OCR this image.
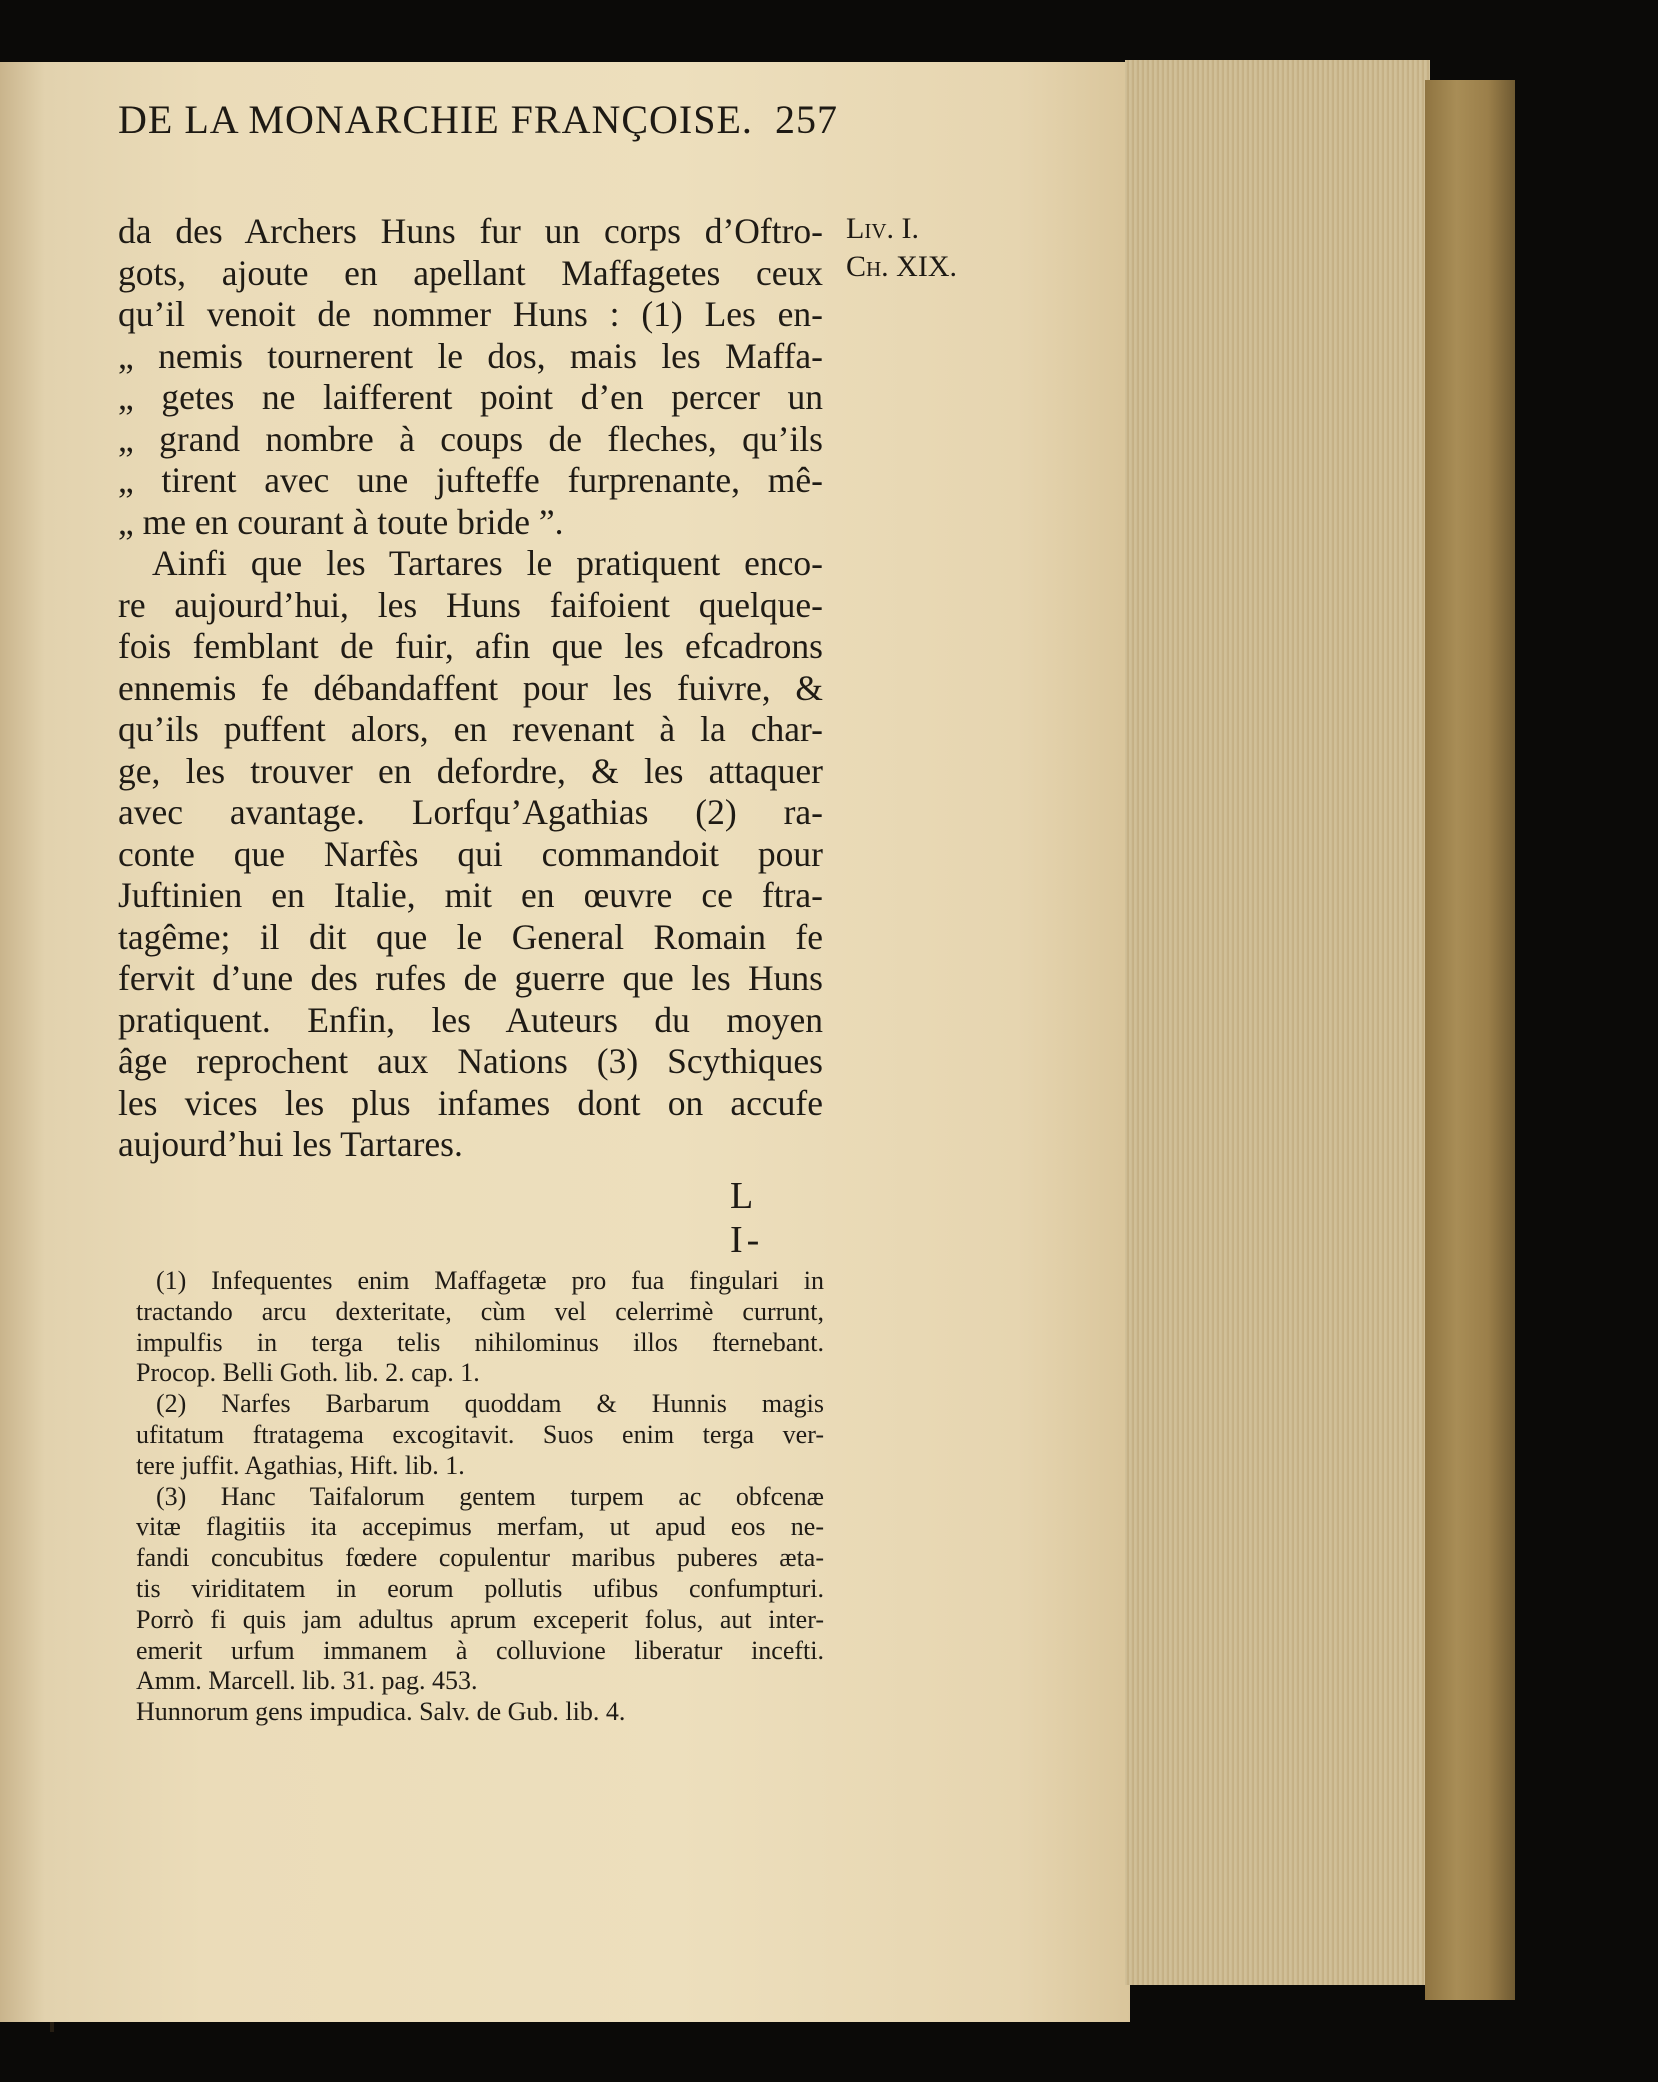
DE LA MONARCHIE FRANÇOISE. 257
Liv. I.
Ch. XIX.
da des Archers Huns fur un corps d’Oftro-
gots, ajoute en apellant Maffagetes ceux
qu’il venoit de nommer Huns : (1) Les en-
„ nemis tournerent le dos, mais les Maffa-
„ getes ne laifferent point d’en percer un
„ grand nombre à coups de fleches, qu’ils
„ tirent avec une jufteffe furprenante, mê-
„ me en courant à toute bride ”.
Ainfi que les Tartares le pratiquent enco-
re aujourd’hui, les Huns faifoient quelque-
fois femblant de fuir, afin que les efcadrons
ennemis fe débandaffent pour les fuivre, &
qu’ils puffent alors, en revenant à la char-
ge, les trouver en defordre, & les attaquer
avec avantage. Lorfqu’Agathias (2) ra-
conte que Narfès qui commandoit pour
Juftinien en Italie, mit en œuvre ce ftra-
tagême; il dit que le General Romain fe
fervit d’une des rufes de guerre que les Huns
pratiquent. Enfin, les Auteurs du moyen
âge reprochent aux Nations (3) Scythiques
les vices les plus infames dont on accufe
aujourd’hui les Tartares.
L I-
(1) Infequentes enim Maffagetæ pro fua fingulari in
tractando arcu dexteritate, cùm vel celerrimè currunt,
impulfis in terga telis nihilominus illos fternebant.
Procop. Belli Goth. lib. 2. cap. 1.
(2) Narfes Barbarum quoddam & Hunnis magis
ufitatum ftratagema excogitavit. Suos enim terga ver-
tere juffit. Agathias, Hift. lib. 1.
(3) Hanc Taifalorum gentem turpem ac obfcenæ
vitæ flagitiis ita accepimus merfam, ut apud eos ne-
fandi concubitus fœdere copulentur maribus puberes æta-
tis viriditatem in eorum pollutis ufibus confumpturi.
Porrò fi quis jam adultus aprum exceperit folus, aut inter-
emerit urfum immanem à colluvione liberatur incefti.
Amm. Marcell. lib. 31. pag. 453.
Hunnorum gens impudica. Salv. de Gub. lib. 4.
